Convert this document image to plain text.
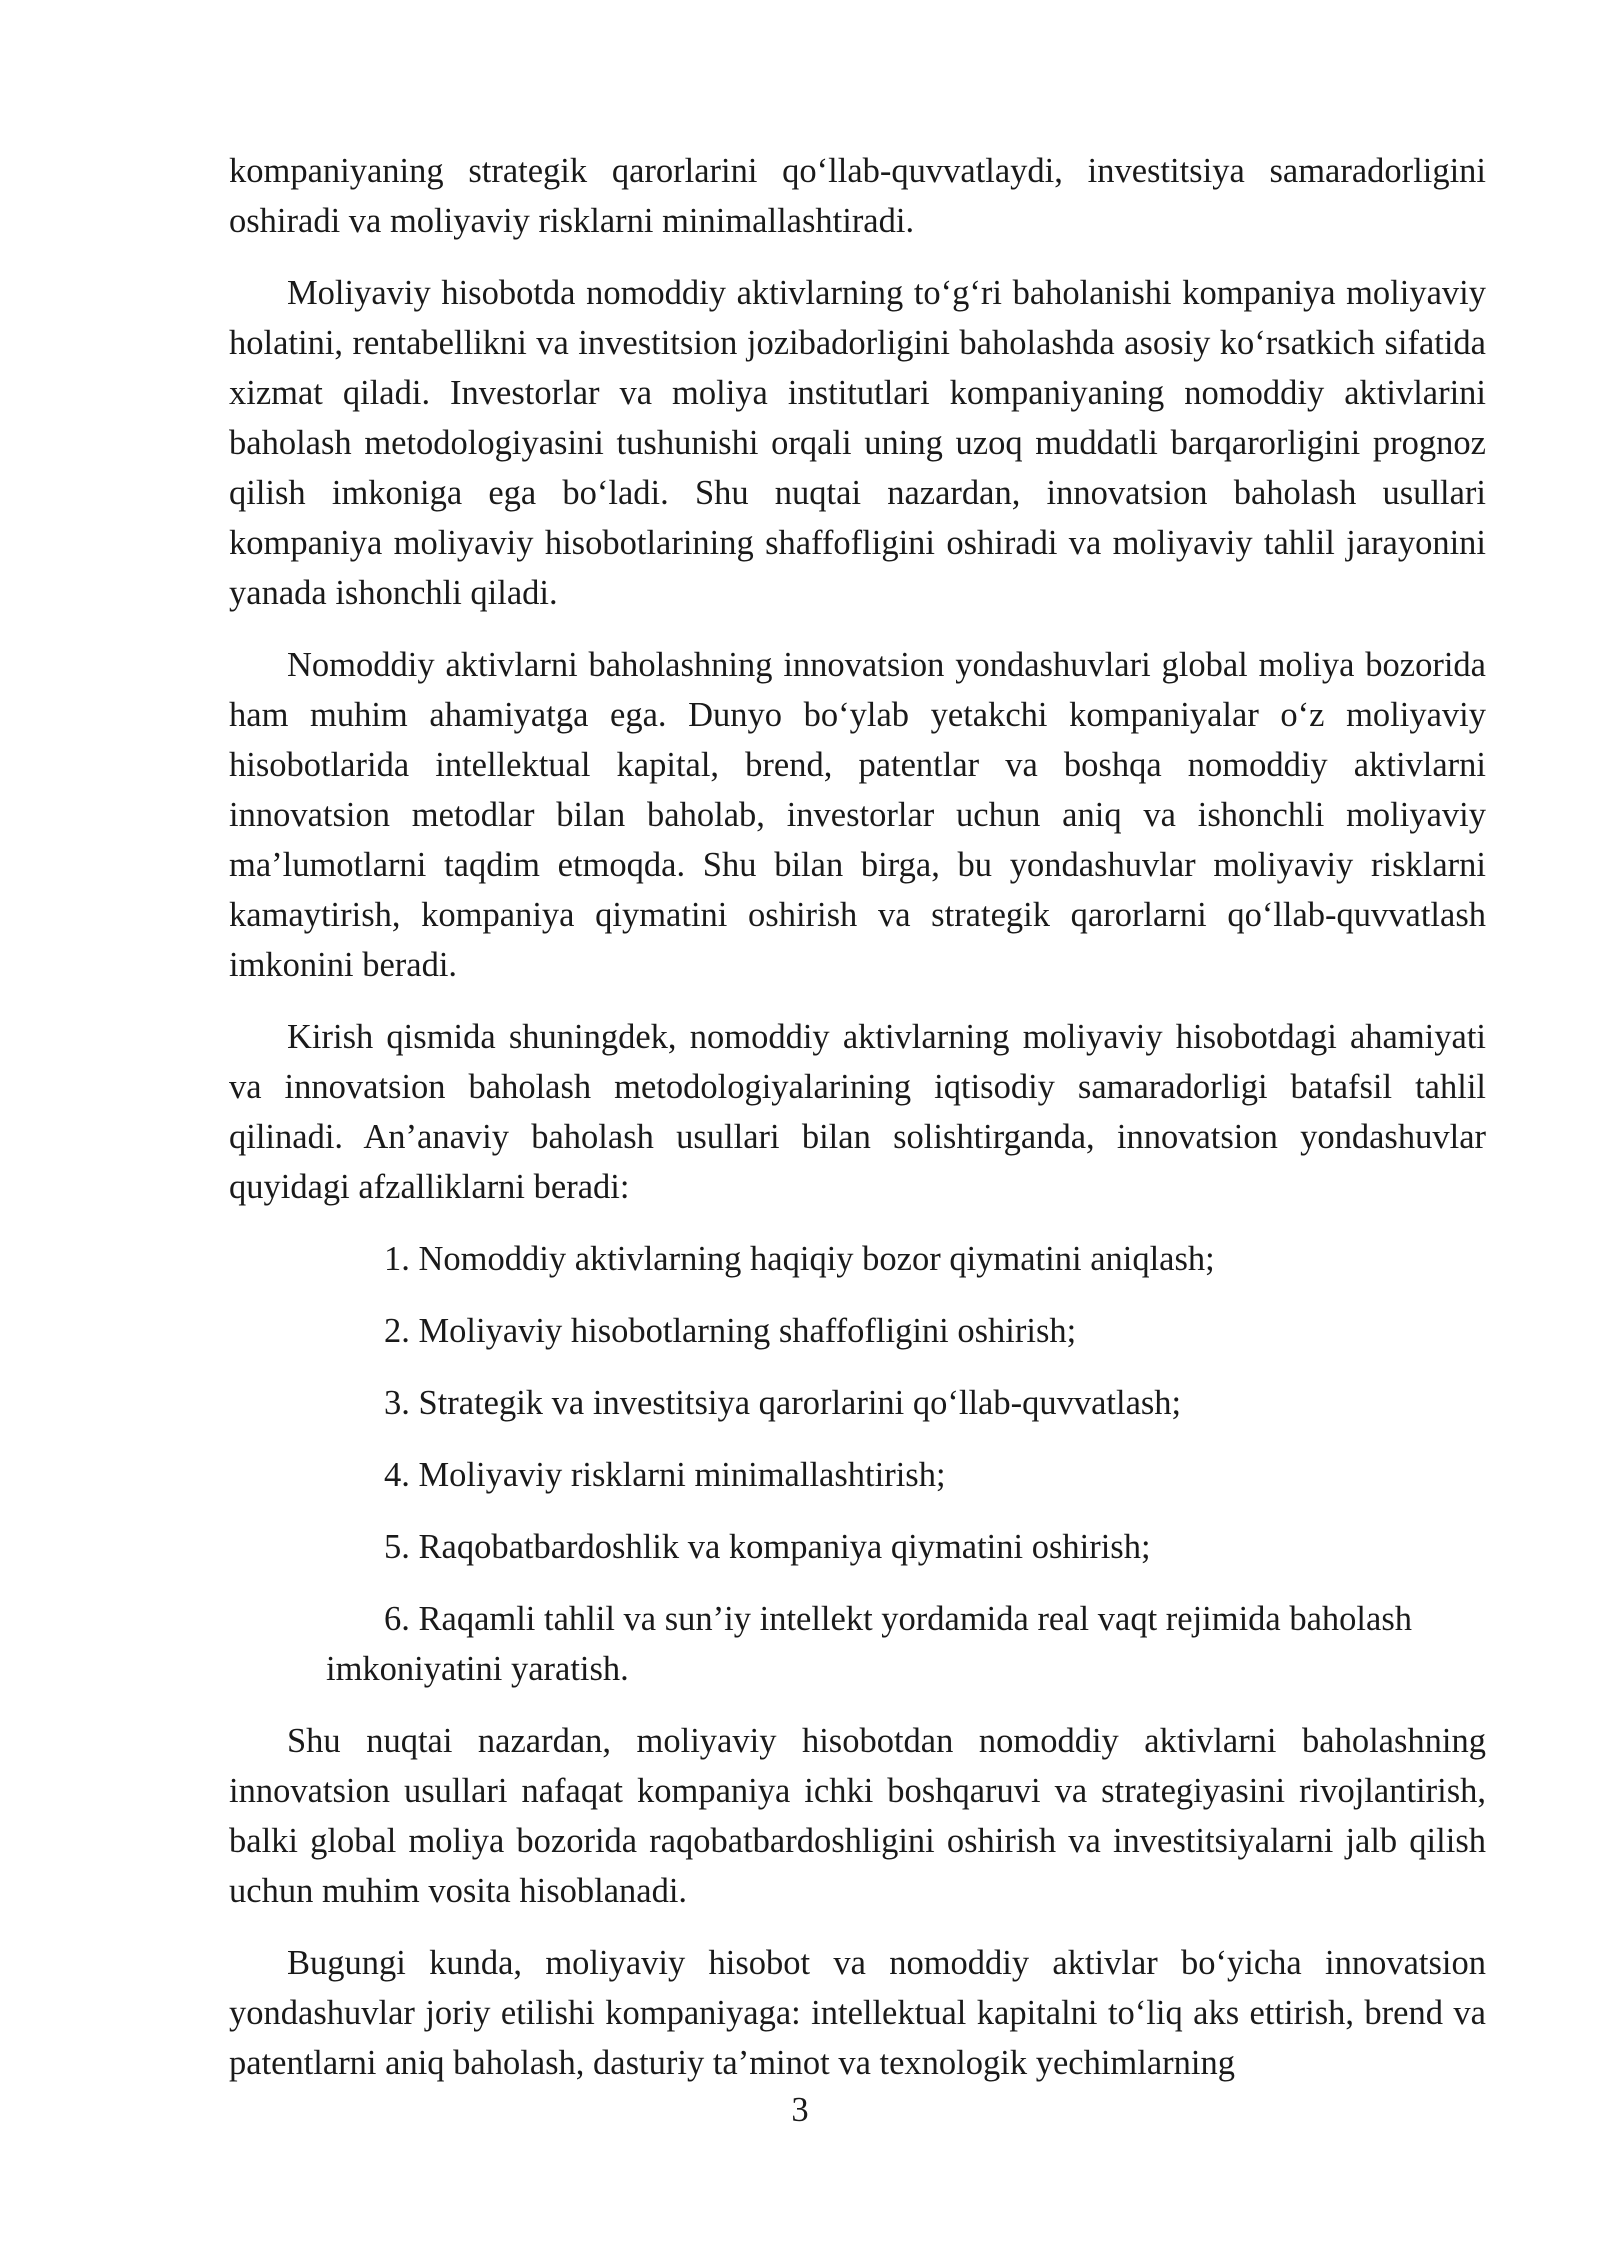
kompaniyaning strategik qarorlarini qo‘llab-quvvatlaydi, investitsiya samaradorligini oshiradi va moliyaviy risklarni minimallashtiradi.

Moliyaviy hisobotda nomoddiy aktivlarning to‘g‘ri baholanishi kompaniya moliyaviy holatini, rentabellikni va investitsion jozibadorligini baholashda asosiy ko‘rsatkich sifatida xizmat qiladi. Investorlar va moliya institutlari kompaniyaning nomoddiy aktivlarini baholash metodologiyasini tushunishi orqali uning uzoq muddatli barqarorligini prognoz qilish imkoniga ega bo‘ladi. Shu nuqtai nazardan, innovatsion baholash usullari kompaniya moliyaviy hisobotlarining shaffofligini oshiradi va moliyaviy tahlil jarayonini yanada ishonchli qiladi.

Nomoddiy aktivlarni baholashning innovatsion yondashuvlari global moliya bozorida ham muhim ahamiyatga ega. Dunyo bo‘ylab yetakchi kompaniyalar o‘z moliyaviy hisobotlarida intellektual kapital, brend, patentlar va boshqa nomoddiy aktivlarni innovatsion metodlar bilan baholab, investorlar uchun aniq va ishonchli moliyaviy ma’lumotlarni taqdim etmoqda. Shu bilan birga, bu yondashuvlar moliyaviy risklarni kamaytirish, kompaniya qiymatini oshirish va strategik qarorlarni qo‘llab-quvvatlash imkonini beradi.

Kirish qismida shuningdek, nomoddiy aktivlarning moliyaviy hisobotdagi ahamiyati va innovatsion baholash metodologiyalarining iqtisodiy samaradorligi batafsil tahlil qilinadi. An’anaviy baholash usullari bilan solishtirganda, innovatsion yondashuvlar quyidagi afzalliklarni beradi:

1. Nomoddiy aktivlarning haqiqiy bozor qiymatini aniqlash;
2. Moliyaviy hisobotlarning shaffofligini oshirish;
3. Strategik va investitsiya qarorlarini qo‘llab-quvvatlash;
4. Moliyaviy risklarni minimallashtirish;
5. Raqobatbardoshlik va kompaniya qiymatini oshirish;
6. Raqamli tahlil va sun’iy intellekt yordamida real vaqt rejimida baholash imkoniyatini yaratish.

Shu nuqtai nazardan, moliyaviy hisobotdan nomoddiy aktivlarni baholashning innovatsion usullari nafaqat kompaniya ichki boshqaruvi va strategiyasini rivojlantirish, balki global moliya bozorida raqobatbardoshligini oshirish va investitsiyalarni jalb qilish uchun muhim vosita hisoblanadi.

Bugungi kunda, moliyaviy hisobot va nomoddiy aktivlar bo‘yicha innovatsion yondashuvlar joriy etilishi kompaniyaga: intellektual kapitalni to‘liq aks ettirish, brend va patentlarni aniq baholash, dasturiy ta’minot va texnologik yechimlarning

3
